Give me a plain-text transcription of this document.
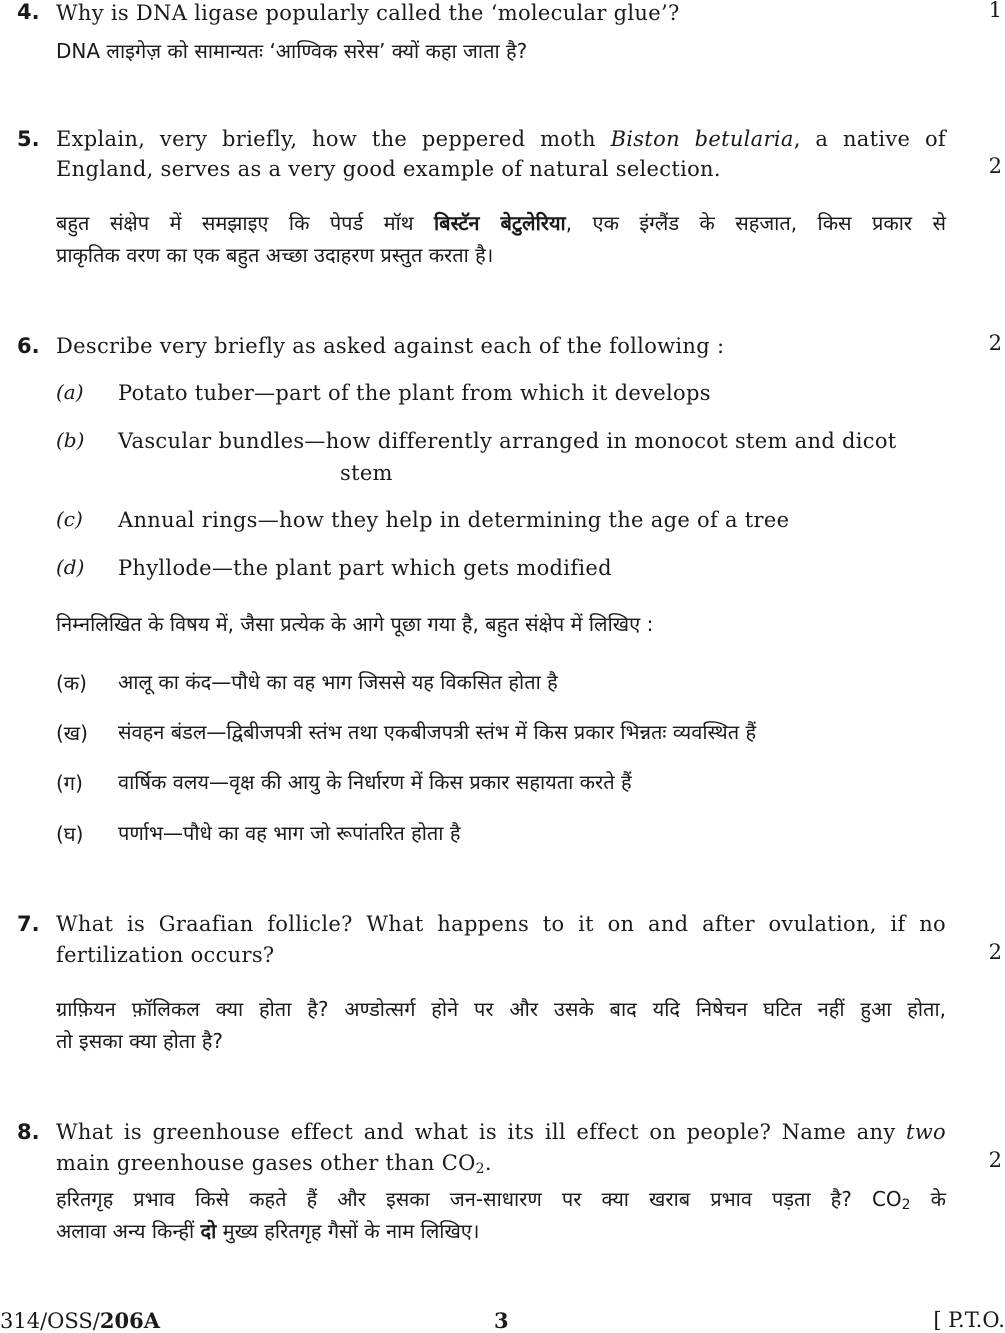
4. Why is DNA ligase popularly called the ‘molecular glue’?
DNA लाइगेज़ को सामान्यतः ‘आण्विक सरेस’ क्यों कहा जाता है?
1
5. Explain, very briefly, how the peppered moth Biston betularia, a native of
England, serves as a very good example of natural selection.	2
बहुत संक्षेप में समझाइए कि पेपर्ड मॉथ बिस्टॅन बेटुलेरिया, एक इंग्लैंड के सहजात, किस प्रकार से
प्राकृतिक वरण का एक बहुत अच्छा उदाहरण प्रस्तुत करता है।
6. Describe very briefly as asked against each of the following :	2
(a) Potato tuber—part of the plant from which it develops
(b) Vascular bundles—how differently arranged in monocot stem and dicot
stem
(c) Annual rings—how they help in determining the age of a tree
(d) Phyllode—the plant part which gets modified
निम्नलिखित के विषय में, जैसा प्रत्येक के आगे पूछा गया है, बहुत संक्षेप में लिखिए :
(क) आलू का कंद—पौधे का वह भाग जिससे यह विकसित होता है
(ख) संवहन बंडल—द्विबीजपत्री स्तंभ तथा एकबीजपत्री स्तंभ में किस प्रकार भिन्नतः व्यवस्थित हैं
(ग) वार्षिक वलय—वृक्ष की आयु के निर्धारण में किस प्रकार सहायता करते हैं
(घ) पर्णाभ—पौधे का वह भाग जो रूपांतरित होता है
7. What is Graafian follicle? What happens to it on and after ovulation, if no
fertilization occurs?	2
ग्राफ़ियन फ़ॉलिकल क्या होता है? अण्डोत्सर्ग होने पर और उसके बाद यदि निषेचन घटित नहीं हुआ होता,
तो इसका क्या होता है?
8. What is greenhouse effect and what is its ill effect on people? Name any two
main greenhouse gases other than $CO_2$.	2
हरितगृह प्रभाव किसे कहते हैं और इसका जन-साधारण पर क्या खराब प्रभाव पड़ता है? $CO_2$ के
अलावा अन्य किन्हीं दो मुख्य हरितगृह गैसों के नाम लिखिए।
314/OSS/206A	3	[ P.T.O.
